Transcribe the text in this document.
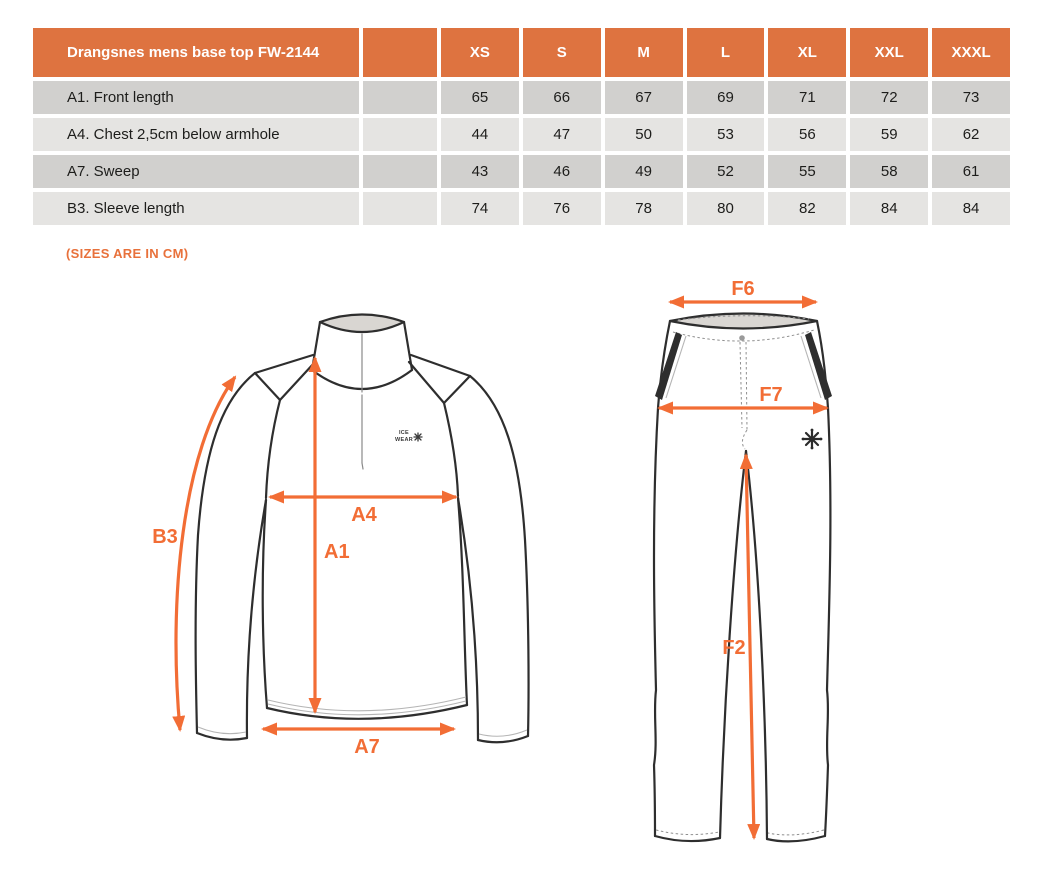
Drangsnes mens base top FW-2144	XS	S	M	L	XL	XXL	XXXL
A1. Front length	65	66	67	69	71	72	73
A4. Chest 2,5cm below armhole	44	47	50	53	56	59	62
A7. Sweep	43	46	49	52	55	58	61
B3. Sleeve length	74	76	78	80	82	84	84
(SIZES ARE IN CM)
ICE
WEAR
B3
A4
A1
A7
F6
F7
F2
